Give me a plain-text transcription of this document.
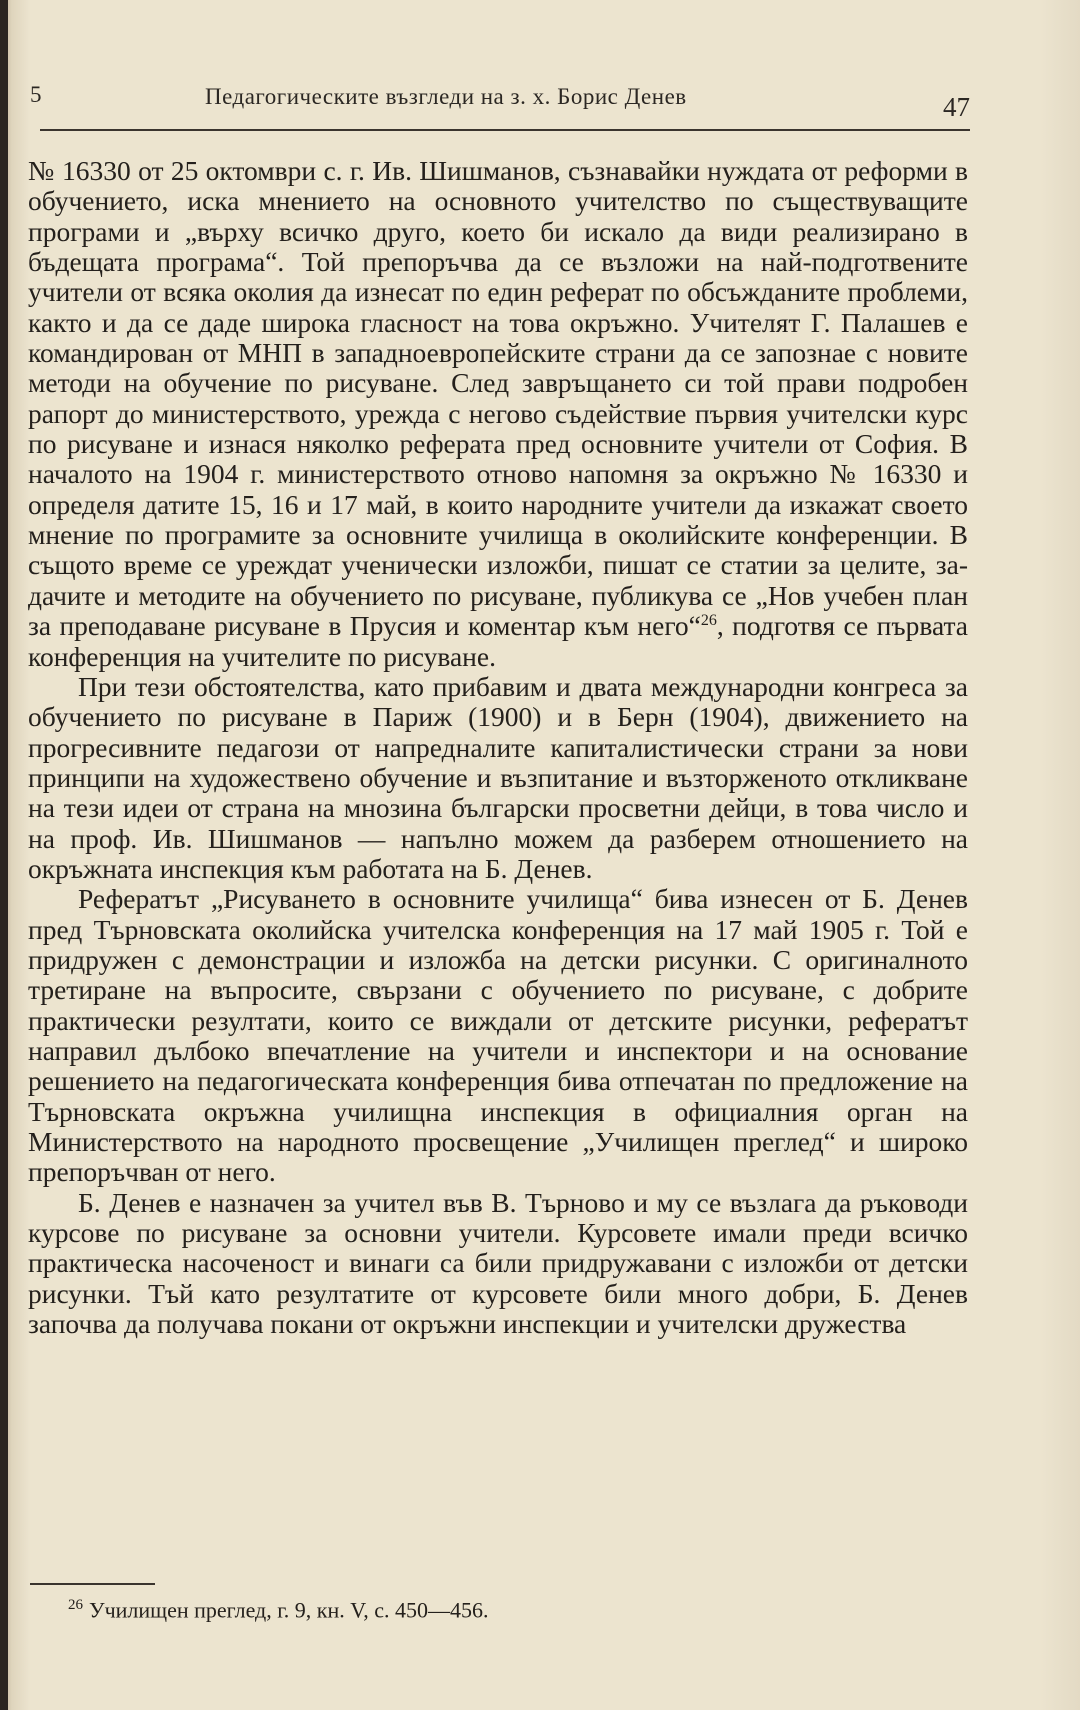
5	Педагогическите възгледи на з. х. Борис Денев	47

№ 16330 от 25 октомври с. г. Ив. Шишманов, съзнавайки нуждата от реформи в обучението, иска мнението на основното учителство по съществуващите програми и „върху всичко друго, което би искало да види реализирано в бъдещата програма“. Той препоръчва да се възложи на най-подготвените учители от всяка околия да изнесат по един реферат по обсъжданите проблеми, както и да се даде широка гласност на това окръжно. Учителят Г. Палашев е командирован от МНП в западноевропейските страни да се запознае с новите методи на обучение по рисуване. След завръщането си той прави подробен рапорт до министерството, урежда с негово съдействие първия учителски курс по рисуване и изнася няколко реферата пред основните учители от София. В началото на 1904 г. министерството отново напомня за окръжно № 16330 и определя датите 15, 16 и 17 май, в които народните учители да изкажат своето мнение по програмите за основните училища в околийските конференции. В същото време се уреждат ученически изложби, пишат се статии за целите, задачите и методите на обучението по рисуване, публикува се „Нов учебен план за преподаване рисуване в Прусия и коментар към него“$^{26}$, подготвя се първата конференция на учителите по рисуване.

При тези обстоятелства, като прибавим и двата международни конгреса за обучението по рисуване в Париж (1900) и в Берн (1904), движението на прогресивните педагози от напредналите капиталистически страни за нови принципи на художествено обучение и възпитание и възторженото откликване на тези идеи от страна на мнозина български просветни дейци, в това число и на проф. Ив. Шишманов — напълно можем да разберем отношението на окръжната инспекция към работата на Б. Денев.

Рефератът „Рисуването в основните училища“ бива изнесен от Б. Денев пред Търновската околийска учителска конференция на 17 май 1905 г. Той е придружен с демонстрации и изложба на детски рисунки. С оригиналното третиране на въпросите, свързани с обучението по рисуване, с добрите практически резултати, които се виждали от детските рисунки, рефератът направил дълбоко впечатление на учители и инспектори и на основание решението на педагогическата конференция бива отпечатан по предложение на Търновската окръжна училищна инспекция в официалния орган на Министерството на народното просвещение „Училищен преглед“ и широко препоръчван от него.

Б. Денев е назначен за учител във В. Търново и му се възлага да ръководи курсове по рисуване за основни учители. Курсовете имали преди всичко практическа насоченост и винаги са били придружавани с изложби от детски рисунки. Тъй като резултатите от курсовете били много добри, Б. Денев започва да получава покани от окръжни инспекции и учителски дружества

$^{26}$ Училищен преглед, г. 9, кн. V, с. 450—456.
